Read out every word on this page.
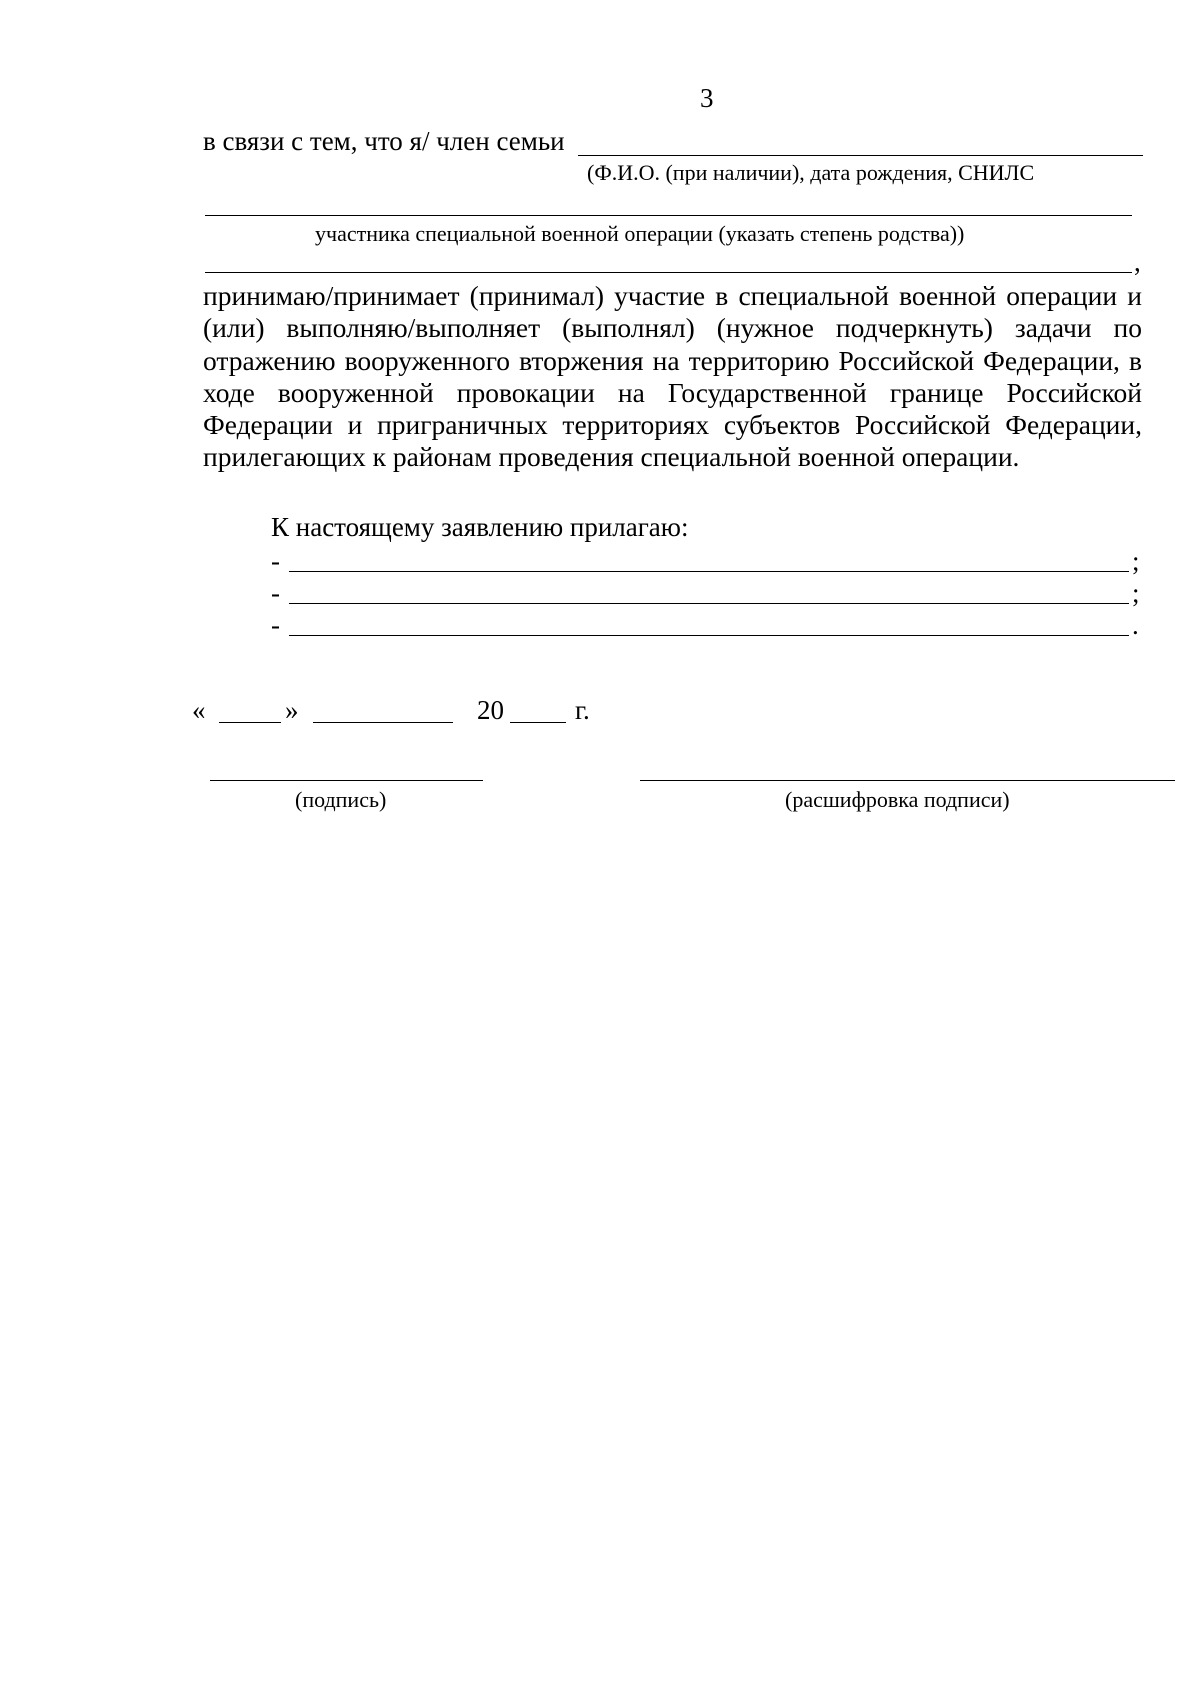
3
в связи с тем, что я/ член семьи
(Ф.И.О. (при наличии), дата рождения, СНИЛС
участника специальной военной операции (указать степень родства))
,
принимаю/принимает (принимал) участие в специальной военной операции и (или) выполняю/выполняет (выполнял) (нужное подчеркнуть) задачи по отражению вооруженного вторжения на территорию Российской Федерации, в ходе вооруженной провокации на Государственной границе Российской Федерации и приграничных территориях субъектов Российской Федерации, прилегающих к районам проведения специальной военной операции.
К настоящему заявлению прилагаю:
-	;
-	;
-	.
«	»	20	г.
(подпись)	(расшифровка подписи)
